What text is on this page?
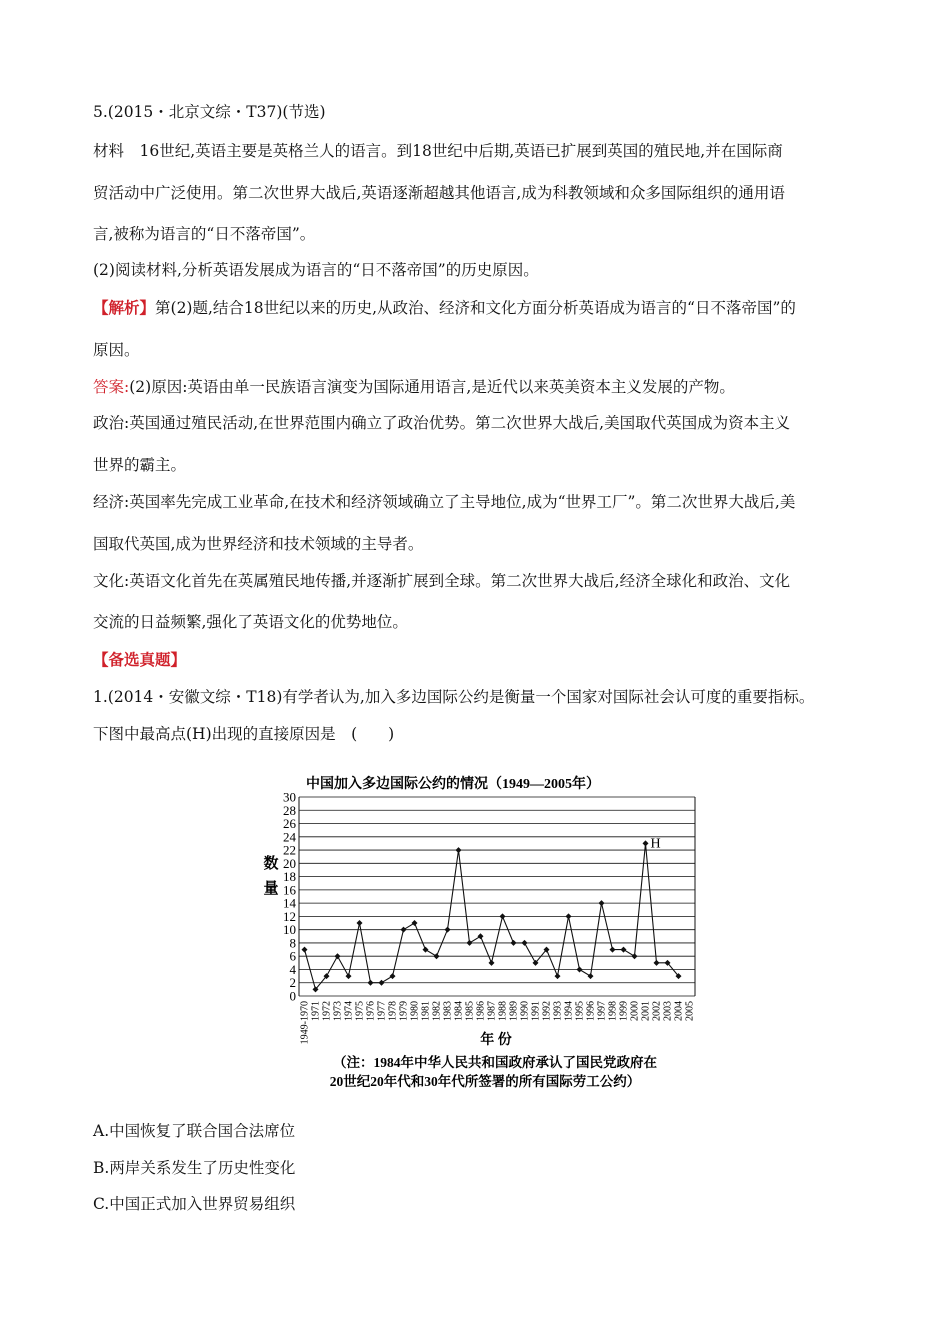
5.(2015・北京文综・T37)(节选)
材料　16世纪,英语主要是英格兰人的语言。到18世纪中后期,英语已扩展到英国的殖民地,并在国际商
贸活动中广泛使用。第二次世界大战后,英语逐渐超越其他语言,成为科教领域和众多国际组织的通用语
言,被称为语言的“日不落帝国”。
(2)阅读材料,分析英语发展成为语言的“日不落帝国”的历史原因。
【解析】第(2)题,结合18世纪以来的历史,从政治、经济和文化方面分析英语成为语言的“日不落帝国”的
原因。
答案:(2)原因:英语由单一民族语言演变为国际通用语言,是近代以来英美资本主义发展的产物。
政治:英国通过殖民活动,在世界范围内确立了政治优势。第二次世界大战后,美国取代英国成为资本主义
世界的霸主。
经济:英国率先完成工业革命,在技术和经济领域确立了主导地位,成为“世界工厂”。第二次世界大战后,美
国取代英国,成为世界经济和技术领域的主导者。
文化:英语文化首先在英属殖民地传播,并逐渐扩展到全球。第二次世界大战后,经济全球化和政治、文化
交流的日益频繁,强化了英语文化的优势地位。
【备选真题】
1.(2014・安徽文综・T18)有学者认为,加入多边国际公约是衡量一个国家对国际社会认可度的重要指标。
下图中最高点(H)出现的直接原因是　(　　)
中国加入多边国际公约的情况（1949—2005年）
0
2
4
6
8
10
12
14
16
18
20
22
24
26
28
30
1949-1970 1971 1972 1973 1974 1975 1976 1977 1978 1979 1980 1981 1982 1983 1984 1985 1986 1987 1988 1989 1990 1991 1992 1993 1994 1995 1996 1997 1998 1999 2000 2001 2002 2003 2004 2005
数
量
H
年 份
（注：1984年中华人民共和国政府承认了国民党政府在
20世纪20年代和30年代所签署的所有国际劳工公约）
A.中国恢复了联合国合法席位
B.两岸关系发生了历史性变化
C.中国正式加入世界贸易组织
